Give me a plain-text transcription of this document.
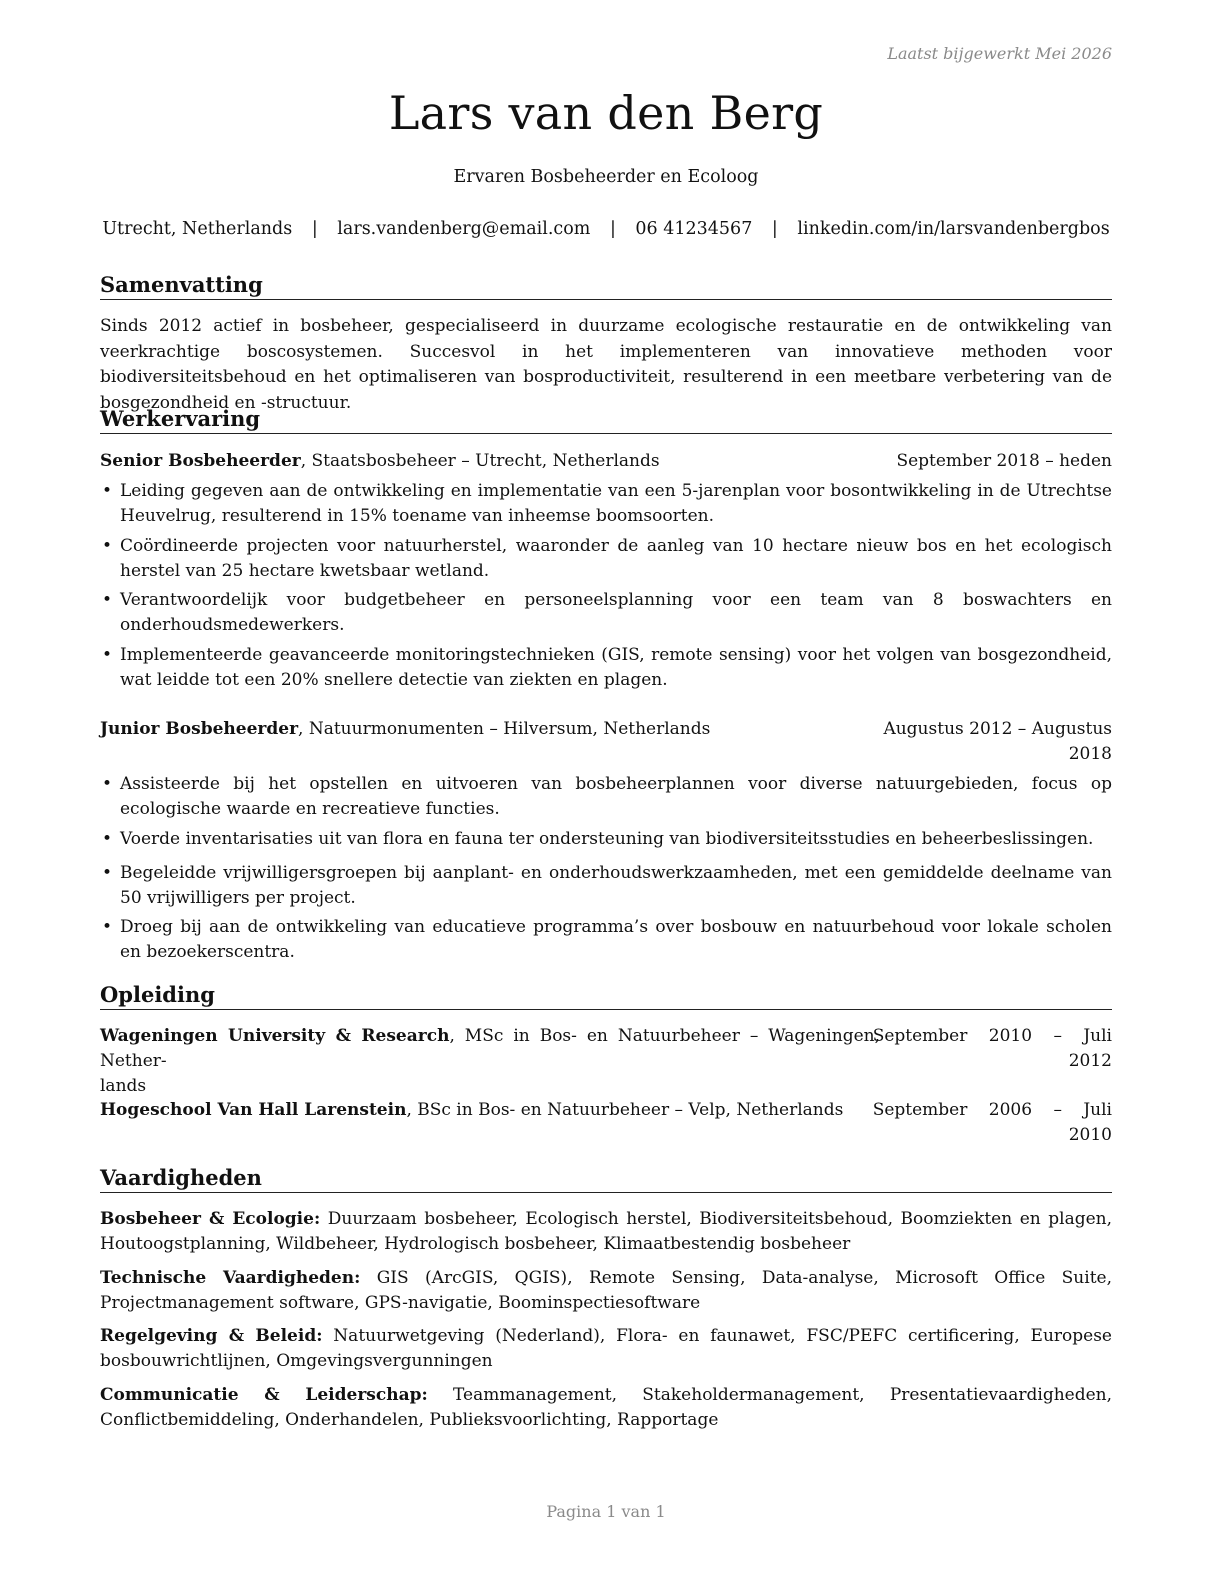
Laatst bijgewerkt Mei 2026
Lars van den Berg
Ervaren Bosbeheerder en Ecoloog
Utrecht, Netherlands | lars.vandenberg@email.com | 06 41234567 | linkedin.com/in/larsvandenbergbos
Samenvatting
Sinds 2012 actief in bosbeheer, gespecialiseerd in duurzame ecologische restauratie en de ontwikkeling van veerkrachtige boscosystemen. Succesvol in het implementeren van innovatieve methoden voor biodiversiteitsbehoud en het optimaliseren van bosproductiviteit, resulterend in een meetbare verbetering van de bosgezondheid en -structuur.
Werkervaring
Senior Bosbeheerder, Staatsbosbeheer – Utrecht, Netherlands	September 2018 – heden
• Leiding gegeven aan de ontwikkeling en implementatie van een 5-jarenplan voor bosontwikkeling in de Utrechtse Heuvelrug, resulterend in 15% toename van inheemse boomsoorten.
• Coördineerde projecten voor natuurherstel, waaronder de aanleg van 10 hectare nieuw bos en het ecologisch herstel van 25 hectare kwetsbaar wetland.
• Verantwoordelijk voor budgetbeheer en personeelsplanning voor een team van 8 boswachters en onderhoudsmedewerkers.
• Implementeerde geavanceerde monitoringstechnieken (GIS, remote sensing) voor het volgen van bosgezondheid, wat leidde tot een 20% snellere detectie van ziekten en plagen.
Junior Bosbeheerder, Natuurmonumenten – Hilversum, Netherlands	Augustus 2012 – Augustus
2018
• Assisteerde bij het opstellen en uitvoeren van bosbeheerplannen voor diverse natuurgebieden, focus op ecologische waarde en recreatieve functies.
• Voerde inventarisaties uit van flora en fauna ter ondersteuning van biodiversiteitsstudies en beheerbeslissingen.
• Begeleidde vrijwilligersgroepen bij aanplant- en onderhoudswerkzaamheden, met een gemiddelde deelname van 50 vrijwilligers per project.
• Droeg bij aan de ontwikkeling van educatieve programma’s over bosbouw en natuurbehoud voor lokale scholen en bezoekerscentra.
Opleiding
Wageningen University & Research, MSc in Bos- en Natuurbeheer – Wageningen, Nether-
lands
September 2010 – Juli
2012
Hogeschool Van Hall Larenstein, BSc in Bos- en Natuurbeheer – Velp, Netherlands September 2006 – Juli
2010
Vaardigheden
Bosbeheer & Ecologie: Duurzaam bosbeheer, Ecologisch herstel, Biodiversiteitsbehoud, Boomziekten en plagen, Houtoogstplanning, Wildbeheer, Hydrologisch bosbeheer, Klimaatbestendig bosbeheer
Technische Vaardigheden: GIS (ArcGIS, QGIS), Remote Sensing, Data-analyse, Microsoft Office Suite, Projectmanagement software, GPS-navigatie, Boominspectiesoftware
Regelgeving & Beleid: Natuurwetgeving (Nederland), Flora- en faunawet, FSC/PEFC certificering, Europese bosbouwrichtlijnen, Omgevingsvergunningen
Communicatie & Leiderschap: Teammanagement, Stakeholdermanagement, Presentatievaardigheden, Conflictbemiddeling, Onderhandelen, Publieksvoorlichting, Rapportage
Pagina 1 van 1
